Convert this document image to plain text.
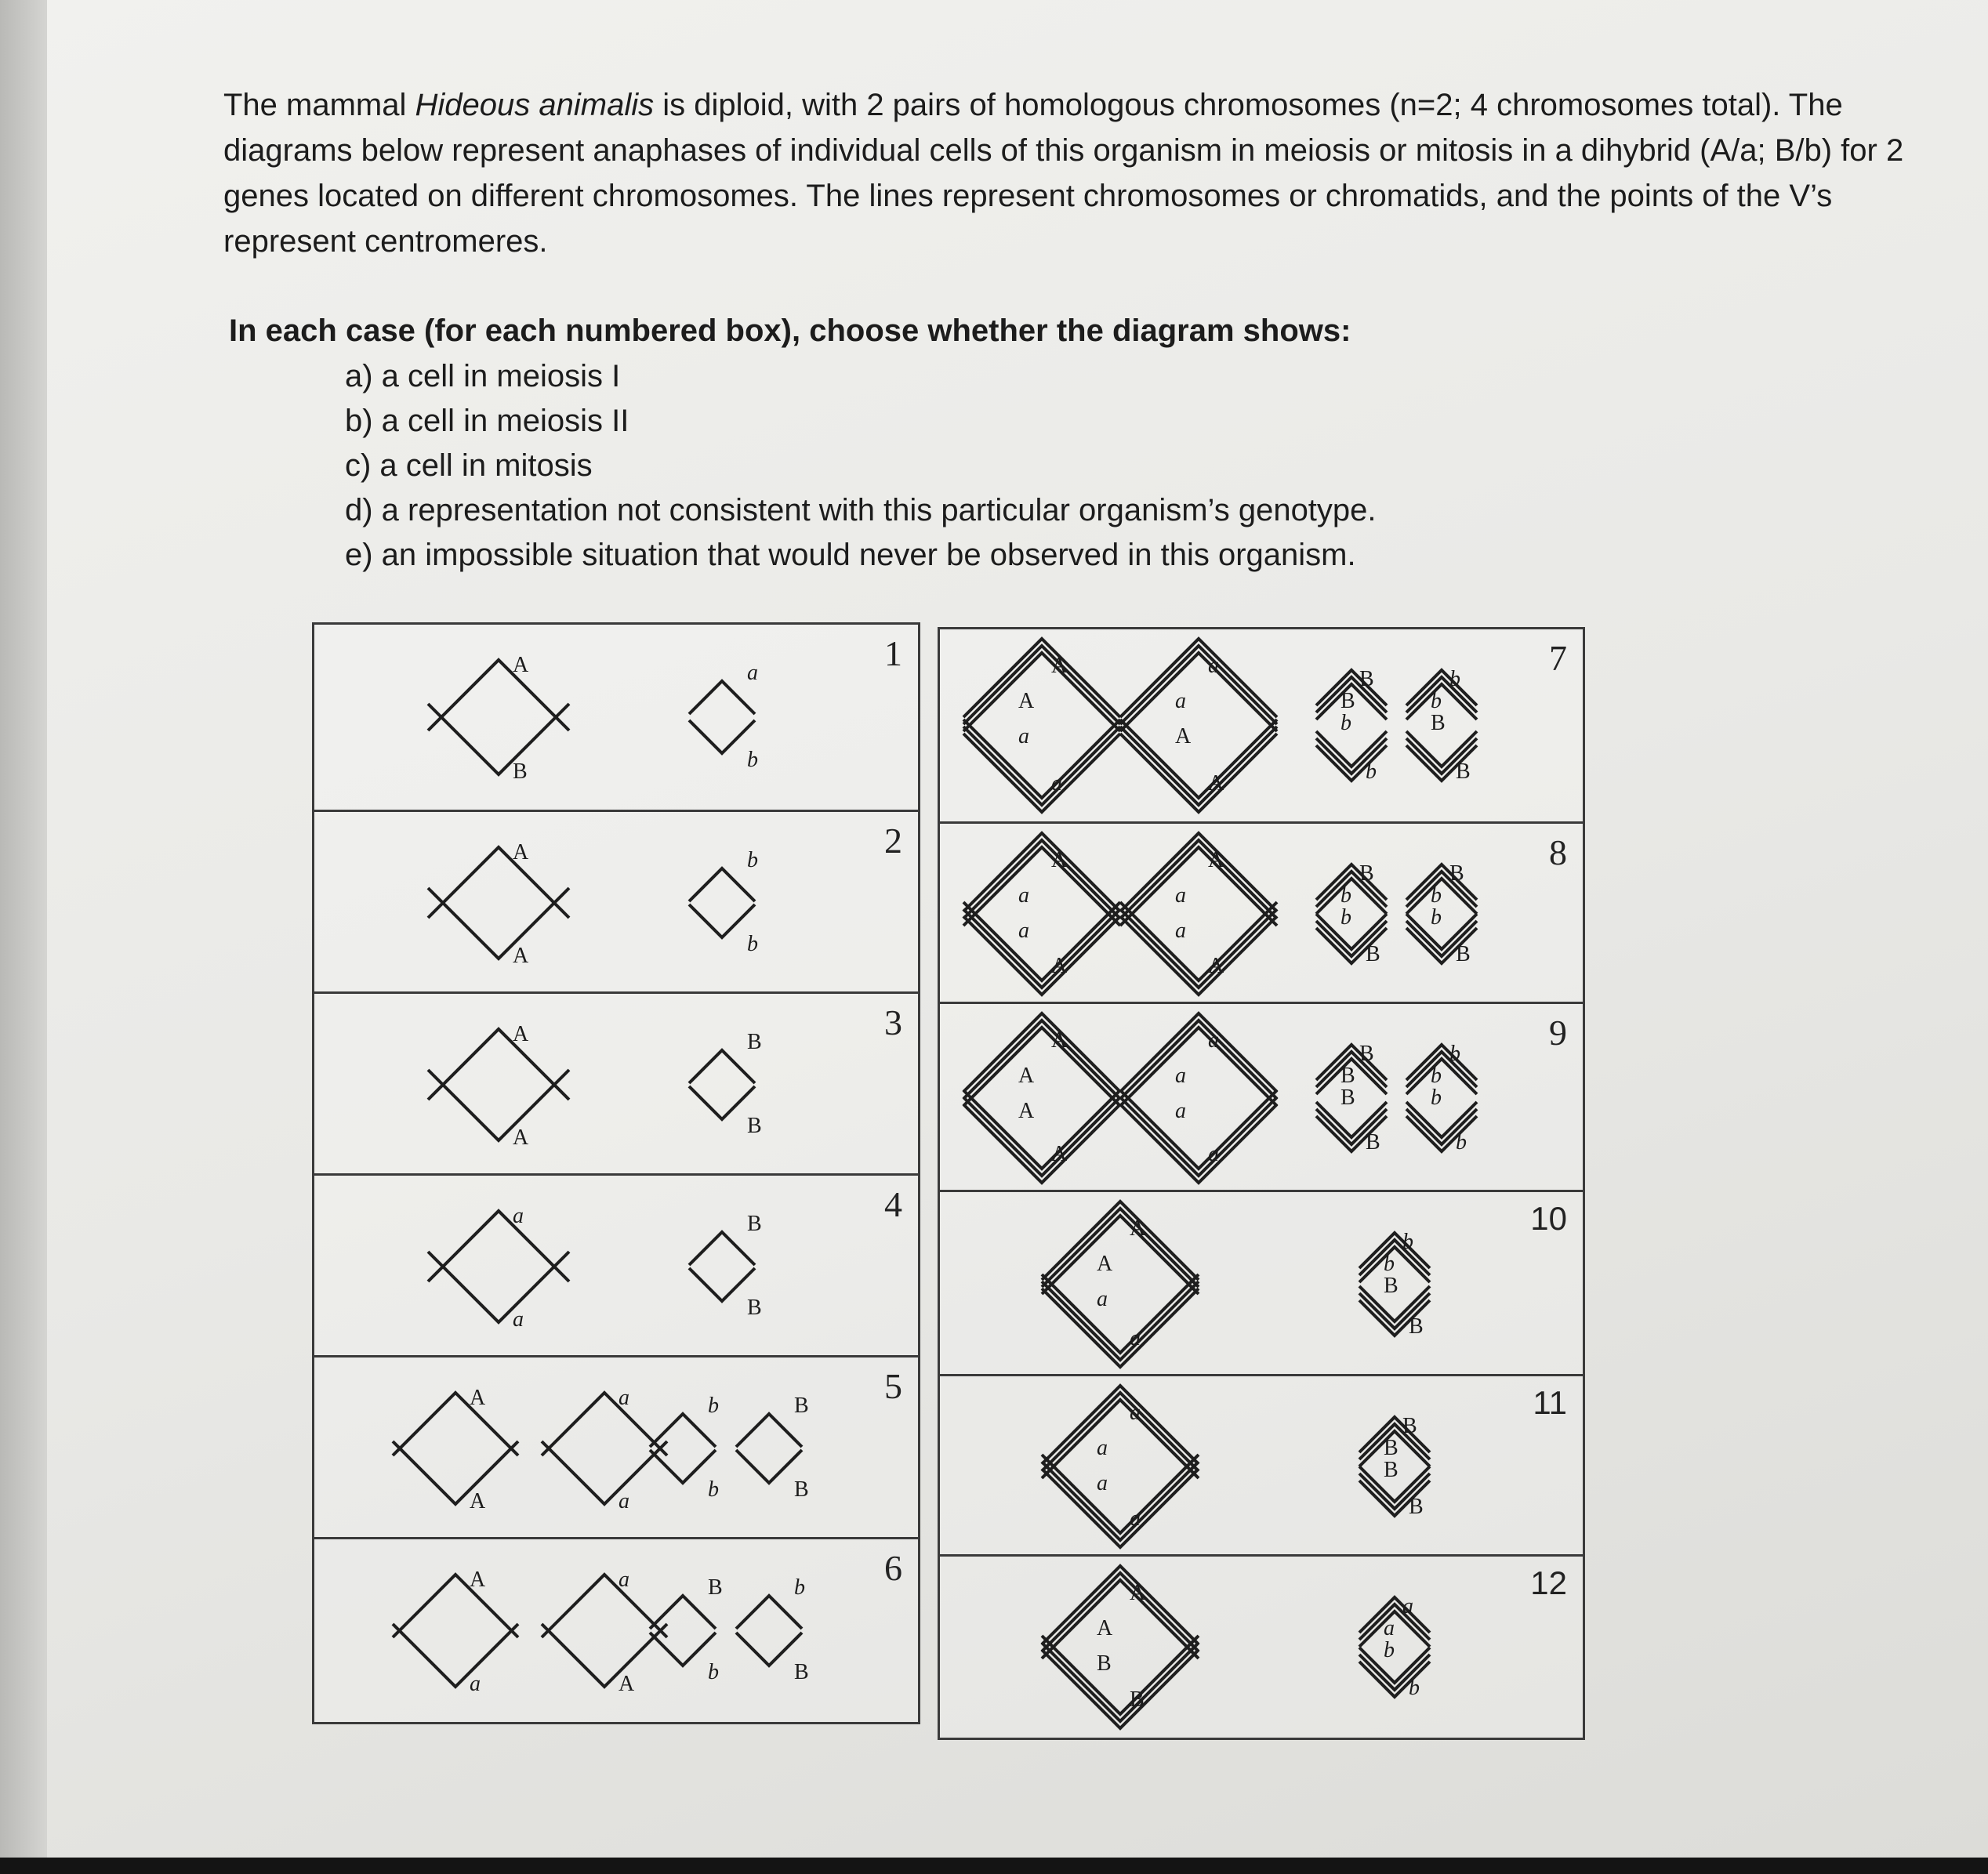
The mammal Hideous animalis is diploid, with 2 pairs of homologous chromosomes (n=2; 4 chromosomes total). The diagrams below represent anaphases of individual cells of this organism in meiosis or mitosis in a dihybrid (A/a; B/b) for 2 genes located on different chromosomes. The lines represent chromosomes or chromatids, and the points of the V’s represent centromeres.

In each case (for each numbered box), choose whether the diagram shows:
a) a cell in meiosis I
b) a cell in meiosis II
c) a cell in mitosis
d) a representation not consistent with this particular organism’s genotype.
e) an impossible situation that would never be observed in this organism.
1
A
B
a
b
2
A
A
b
b
3
A
A
B
B
4
a
a
B
B
5
A
A
a
a
b
b
B
B
6
A
a
a
A
B
b
b
B
7
A
A
a
a
a
a
A
A
B
B
b
b
b
b
B
B
8
A
a
a
A
A
a
a
A
B
b
b
B
B
b
b
B
9
A
A
A
A
a
a
a
a
B
B
B
B
b
b
b
b
10
A
A
a
a
b
b
B
B
11
a
a
a
a
B
B
B
B
12
A
A
B
B
a
a
b
b
